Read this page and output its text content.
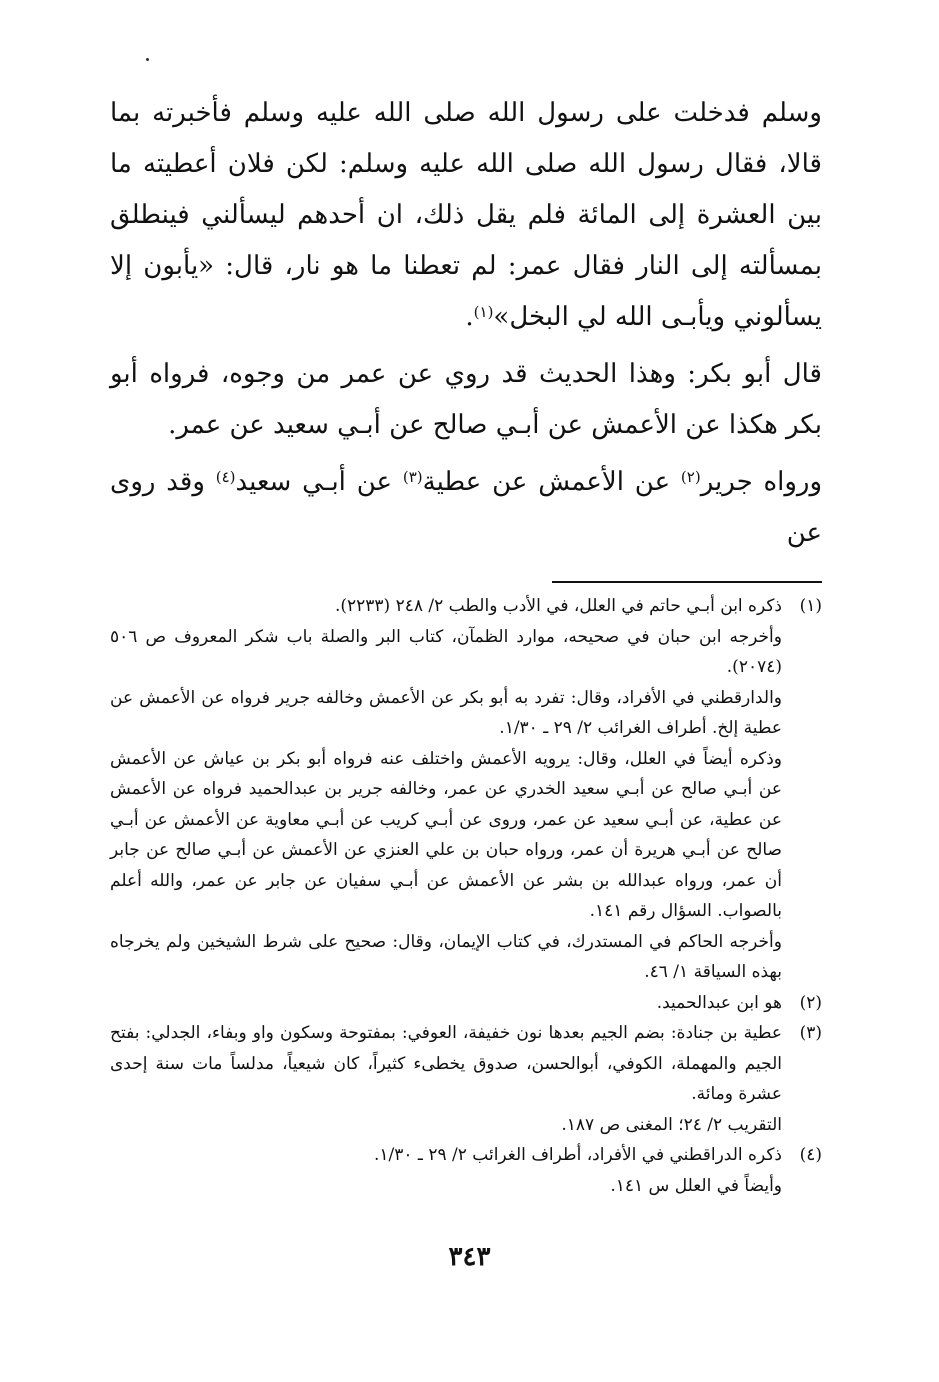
وسلم فدخلت على رسول الله صلى الله عليه وسلم فأخبرته بما قالا، فقال رسول الله صلى الله عليه وسلم: لكن فلان أعطيته ما بين العشرة إلى المائة فلم يقل ذلك، ان أحدهم ليسألني فينطلق بمسألته إلى النار فقال عمر: لم تعطنا ما هو نار، قال: «يأبون إلا يسألوني ويأبـى الله لي البخل»$^{(١)}$.

قال أبو بكر: وهذا الحديث قد روي عن عمر من وجوه، فرواه أبو بكر هكذا عن الأعمش عن أبـي صالح عن أبـي سعيد عن عمر.

ورواه جرير$^{(٢)}$ عن الأعمش عن عطية$^{(٣)}$ عن أبـي سعيد$^{(٤)}$ وقد روى عن

(١)

ذكره ابن أبـي حاتم في العلل، في الأدب والطب ٢/ ٢٤٨ (٢٢٣٣).

وأخرجه ابن حبان في صحيحه، موارد الظمآن، كتاب البر والصلة باب شكر المعروف ص ٥٠٦ (٢٠٧٤).

والدارقطني في الأفراد، وقال: تفرد به أبو بكر عن الأعمش وخالفه جرير فرواه عن الأعمش عن عطية إلخ. أطراف الغرائب ٢/ ٢٩ ـ ١/٣٠.

وذكره أيضاً في العلل، وقال: يرويه الأعمش واختلف عنه فرواه أبو بكر بن عياش عن الأعمش عن أبـي صالح عن أبـي سعيد الخدري عن عمر، وخالفه جرير بن عبدالحميد فرواه عن الأعمش عن عطية، عن أبـي سعيد عن عمر، وروى عن أبـي كريب عن أبـي معاوية عن الأعمش عن أبـي صالح عن أبـي هريرة أن عمر، ورواه حبان بن علي العنزي عن الأعمش عن أبـي صالح عن جابر أن عمر، ورواه عبدالله بن بشر عن الأعمش عن أبـي سفيان عن جابر عن عمر، والله أعلم بالصواب. السؤال رقم ١٤١.

وأخرجه الحاكم في المستدرك، في كتاب الإيمان، وقال: صحيح على شرط الشيخين ولم يخرجاه بهذه السياقة ١/ ٤٦.

(٢)

هو ابن عبدالحميد.

(٣)

عطية بن جنادة: بضم الجيم بعدها نون خفيفة، العوفي: بمفتوحة وسكون واو وبفاء، الجدلي: بفتح الجيم والمهملة، الكوفي، أبوالحسن، صدوق يخطىء كثيراً، كان شيعياً، مدلساً مات سنة إحدى عشرة ومائة.

التقريب ٢/ ٢٤؛ المغنى ص ١٨٧.

(٤)

ذكره الدراقطني في الأفراد، أطراف الغرائب ٢/ ٢٩ ـ ١/٣٠.

وأيضاً في العلل س ١٤١.

٣٤٣
